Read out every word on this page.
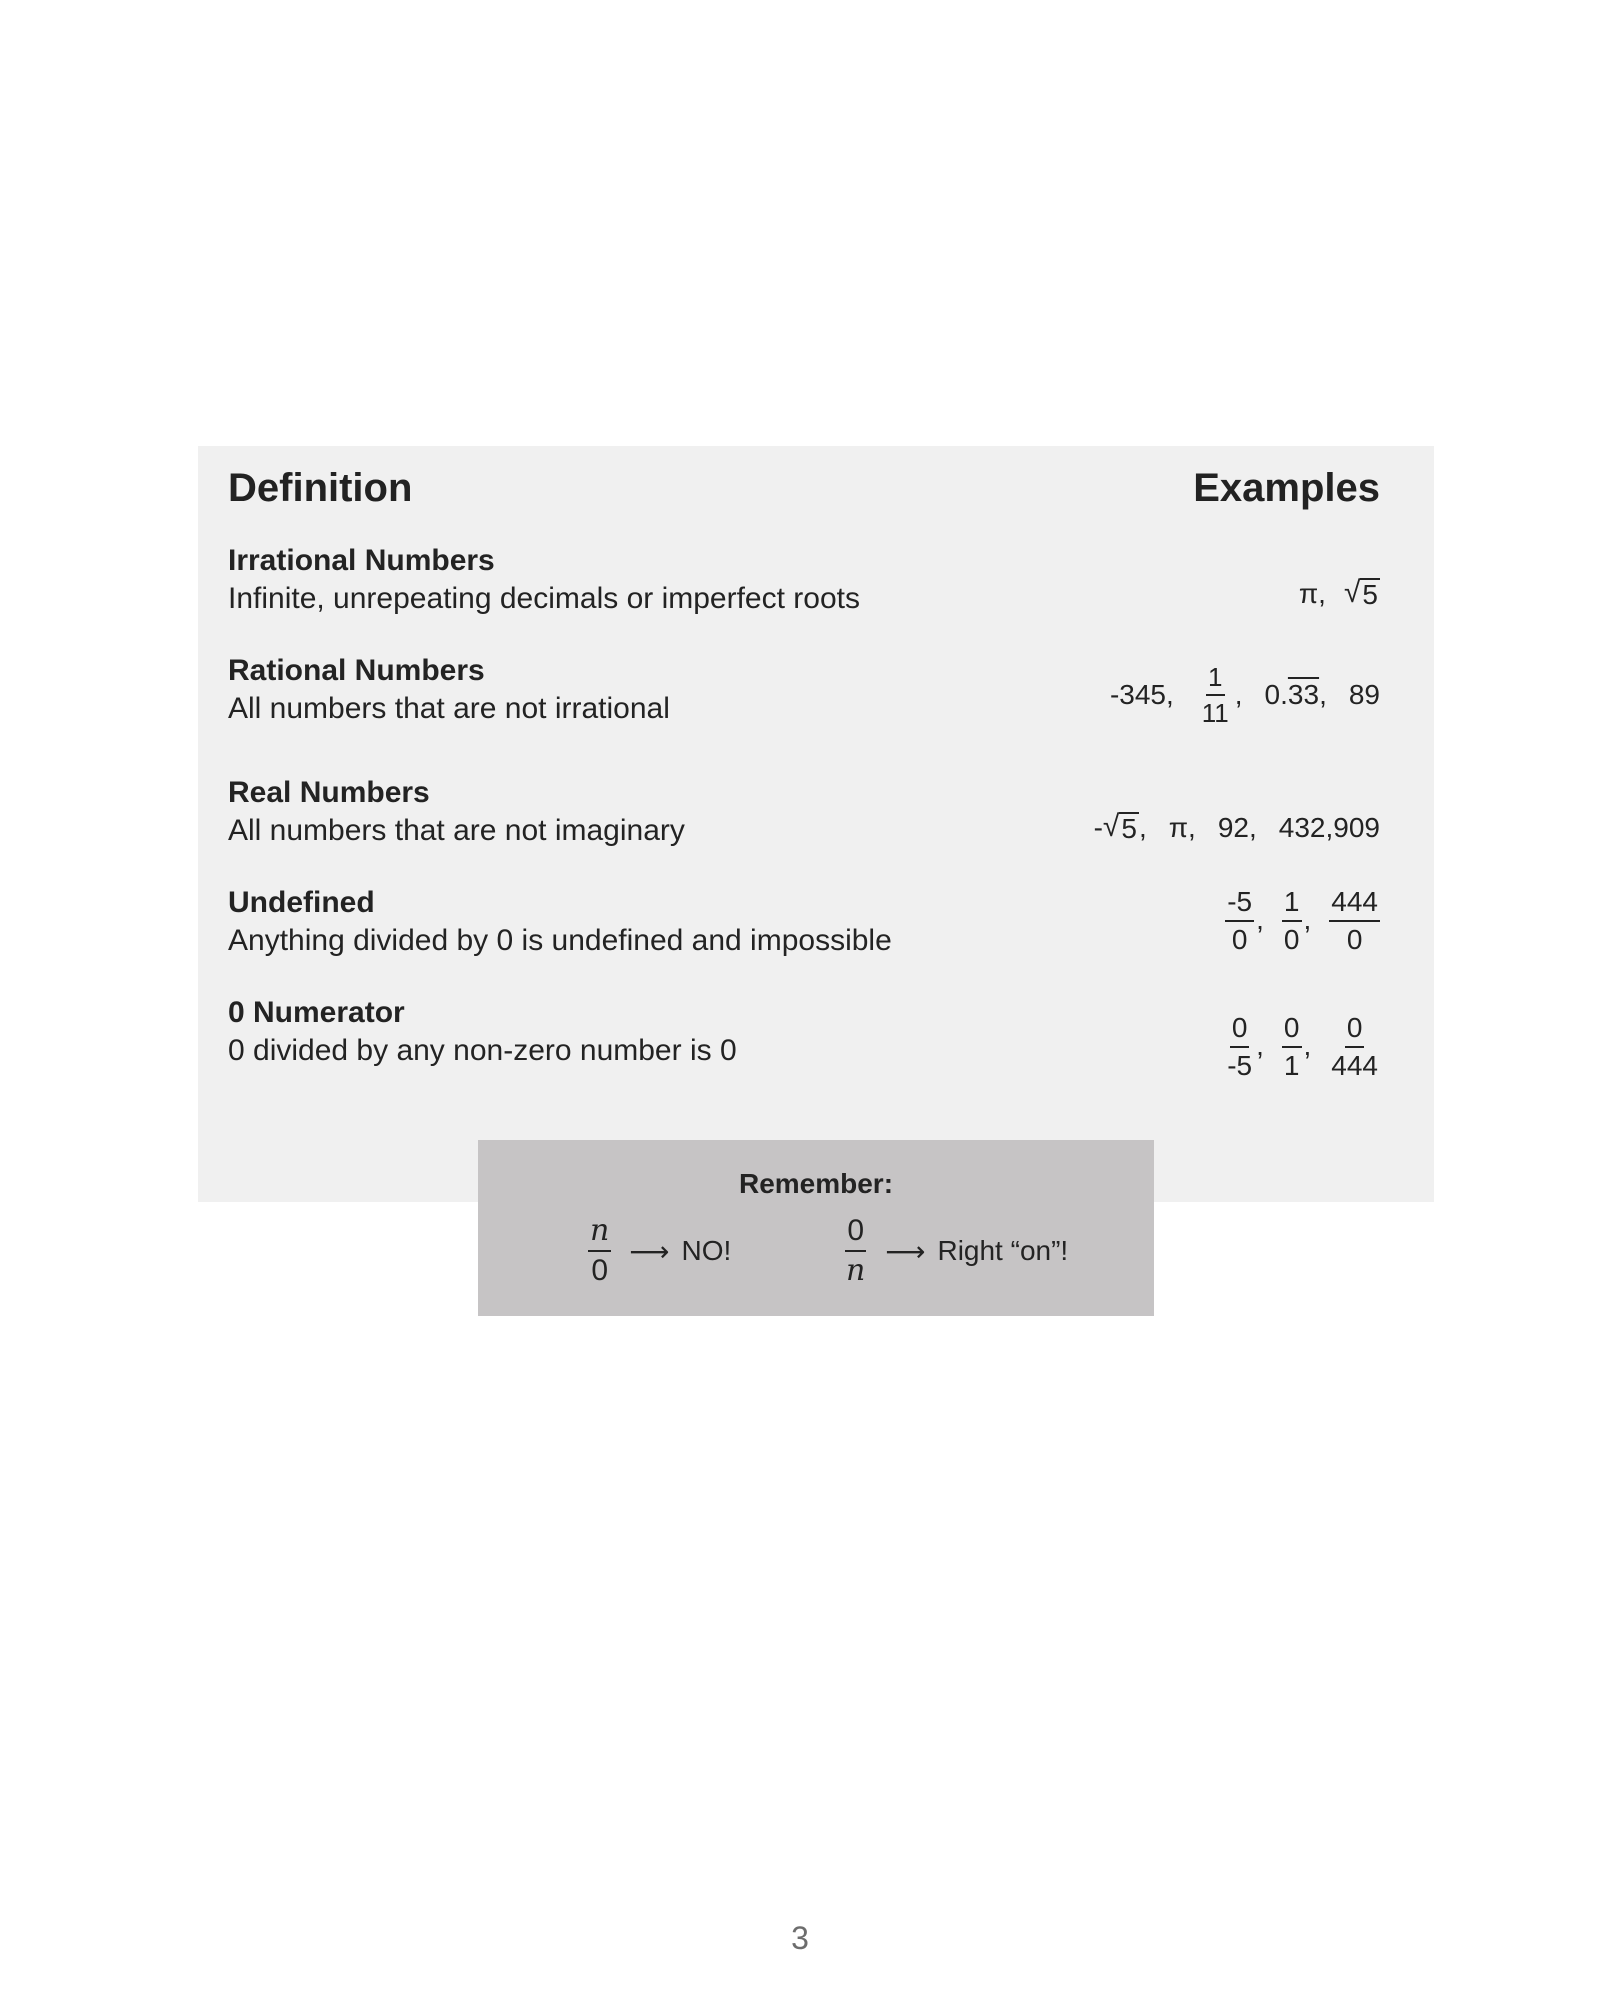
Definition	Examples
Irrational Numbers
Infinite, unrepeating decimals or imperfect roots	π, √ 5
Rational Numbers
All numbers that are not irrational	-345, $\frac{1}{11}$ , 0.33, 89
Real Numbers
All numbers that are not imaginary	- √ 5 , π, 92, 432,909
Undefined
Anything divided by 0 is undefined and impossible	$\frac{-5}{0}$ , $\frac{1}{0}$ , $\frac{444}{0}$
0 Numerator
0 divided by any non-zero number is 0	$\frac{0}{-5}$ , $\frac{0}{1}$ , $\frac{0}{444}$
Remember:
$\frac{n}{0}$ ⟶ NO!	$\frac{0}{n}$ ⟶ Right “on”!
3
